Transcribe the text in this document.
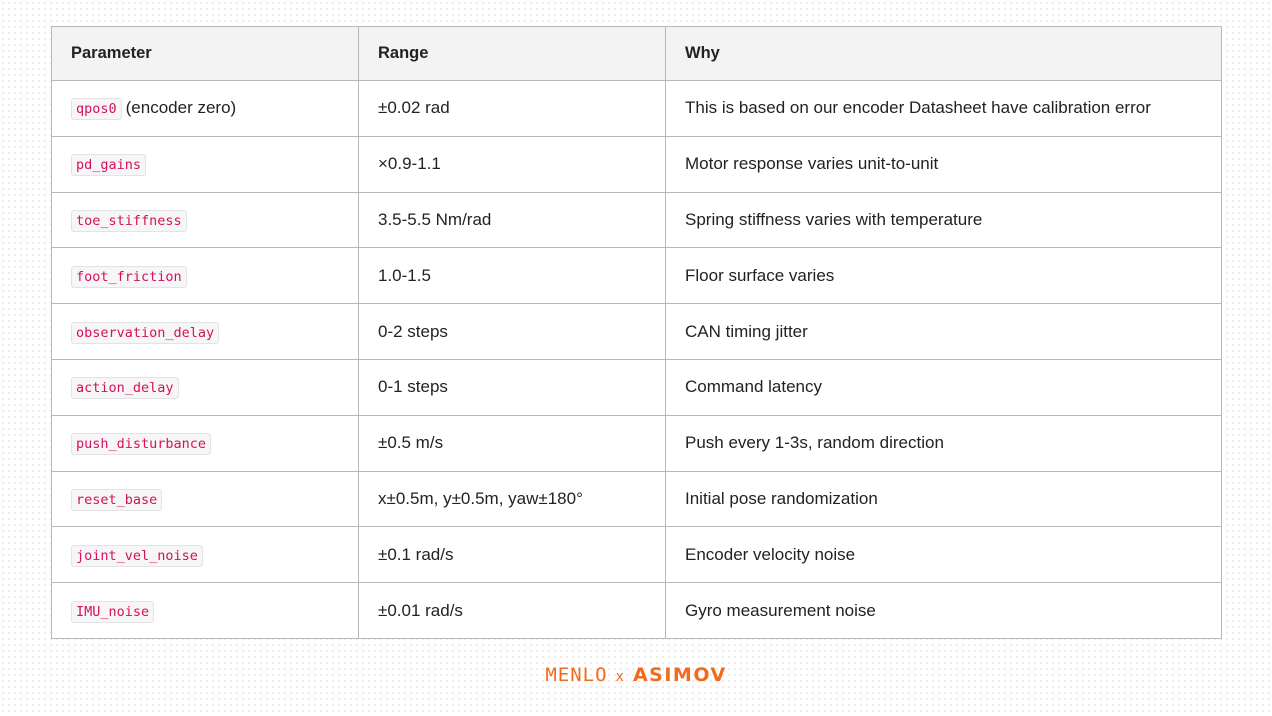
Parameter	Range	Why
qpos0 (encoder zero)	±0.02 rad	This is based on our encoder Datasheet have calibration error
pd_gains	×0.9-1.1	Motor response varies unit-to-unit
toe_stiffness	3.5-5.5 Nm/rad	Spring stiffness varies with temperature
foot_friction	1.0-1.5	Floor surface varies
observation_delay	0-2 steps	CAN timing jitter
action_delay	0-1 steps	Command latency
push_disturbance	±0.5 m/s	Push every 1-3s, random direction
reset_base	x±0.5m, y±0.5m, yaw±180°	Initial pose randomization
joint_vel_noise	±0.1 rad/s	Encoder velocity noise
IMU_noise	±0.01 rad/s	Gyro measurement noise
MENLO x ASIMOV
